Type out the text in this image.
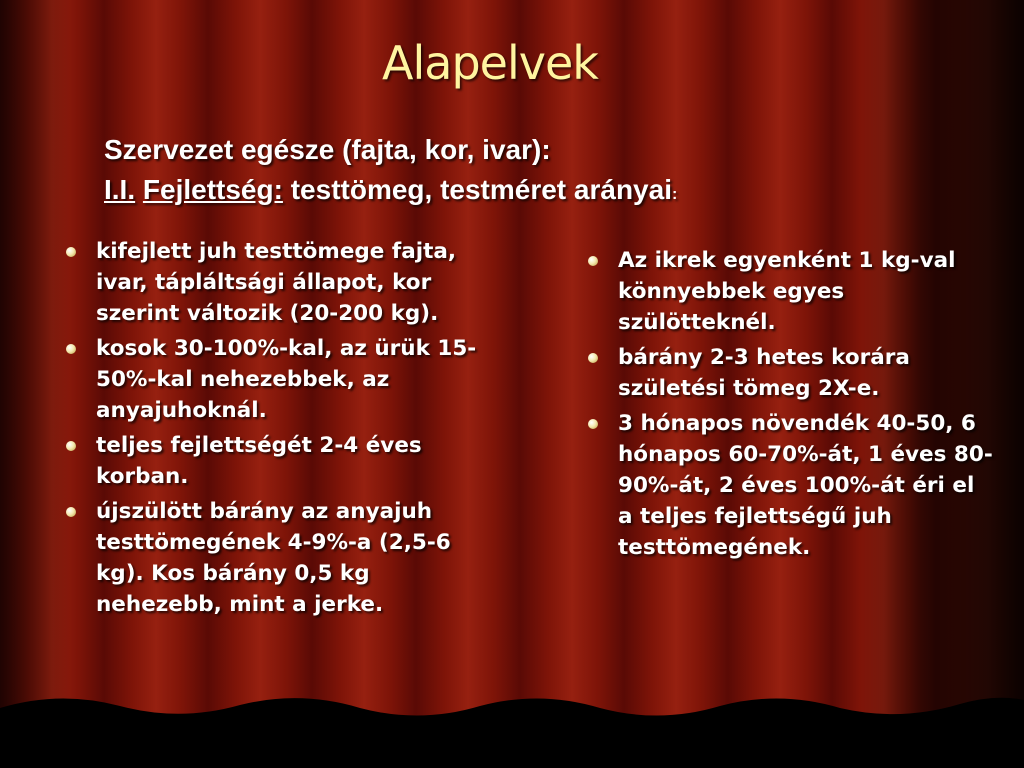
Alapelvek
Szervezet egésze (fajta, kor, ivar):
I.I. Fejlettség: testtömeg, testméret arányai:
kifejlett juh testtömege fajta, ivar, tápláltsági állapot, kor szerint változik (20-200 kg).
kosok 30-100%-kal, az ürük 15-50%-kal nehezebbek, az anyajuhoknál.
teljes fejlettségét 2-4 éves korban.
újszülött bárány az anyajuh testtömegének 4-9%-a (2,5-6 kg). Kos bárány 0,5 kg nehezebb, mint a jerke.
Az ikrek egyenként 1 kg-val könnyebbek egyes szülötteknél.
bárány 2-3 hetes korára születési tömeg 2X-e.
3 hónapos növendék 40-50, 6 hónapos 60-70%-át, 1 éves 80-90%-át, 2 éves 100%-át éri el a teljes fejlettségű juh testtömegének.
